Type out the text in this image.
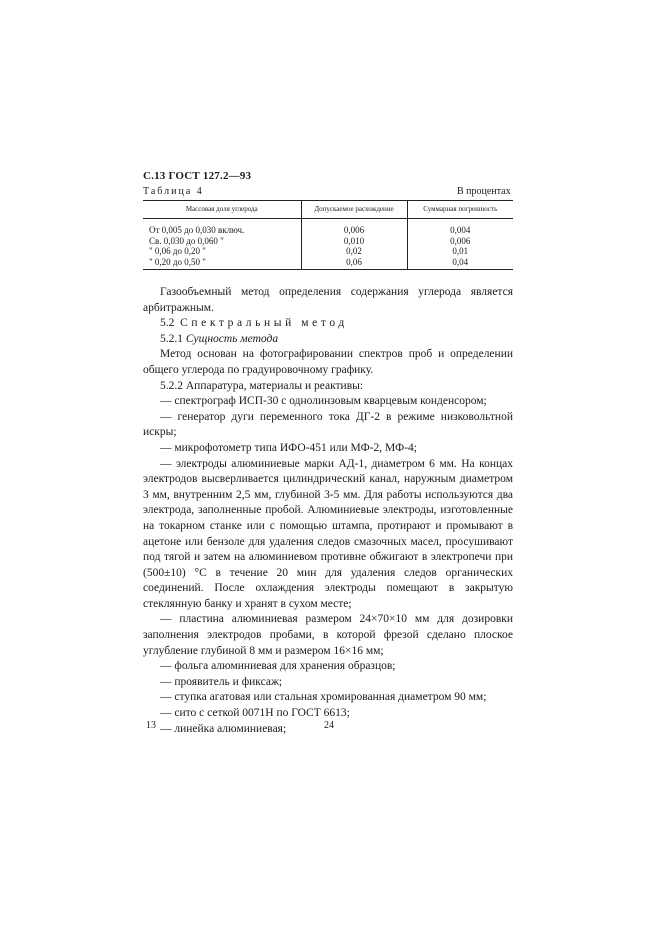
С.13 ГОСТ 127.2—93
Таблица 4	В процентах
Массовая доля углерода	Допускаемое расхождение	Суммарная погрешность
От 0,005 до 0,030 включ.	0,006	0,004
Св. 0,030 до 0,060 "	0,010	0,006
" 0,06 до 0,20 "	0,02	0,01
" 0,20 до 0,50 "	0,06	0,04

Газообъемный метод определения содержания углерода является арбитражным.

5.2 Спектральный метод

5.2.1 Сущность метода

Метод основан на фотографировании спектров проб и определении общего углерода по градуировочному графику.

5.2.2 Аппаратура, материалы и реактивы:

— спектрограф ИСП-30 с однолинзовым кварцевым конденсором;

— генератор дуги переменного тока ДГ-2 в режиме низковольтной искры;

— микрофотометр типа ИФО-451 или МФ-2, МФ-4;

— электроды алюминиевые марки АД-1, диаметром 6 мм. На концах электродов высверливается цилиндрический канал, наружным диаметром 3 мм, внутренним 2,5 мм, глубиной 3-5 мм. Для работы используются два электрода, заполненные пробой. Алюминиевые электроды, изготовленные на токарном станке или с помощью штампа, протирают и промывают в ацетоне или бензоле для удаления следов смазочных масел, просушивают под тягой и затем на алюминиевом противне обжигают в электропечи при (500±10) °С в течение 20 мин для удаления следов органических соединений. После охлаждения электроды помещают в закрытую стеклянную банку и хранят в сухом месте;

— пластина алюминиевая размером 24×70×10 мм для дозировки заполнения электродов пробами, в которой фрезой сделано плоское углубление глубиной 8 мм и размером 16×16 мм;

— фольга алюминиевая для хранения образцов;

— проявитель и фиксаж;

— ступка агатовая или стальная хромированная диаметром 90 мм;

— сито с сеткой 0071Н по ГОСТ 6613;

— линейка алюминиевая;

13	24
